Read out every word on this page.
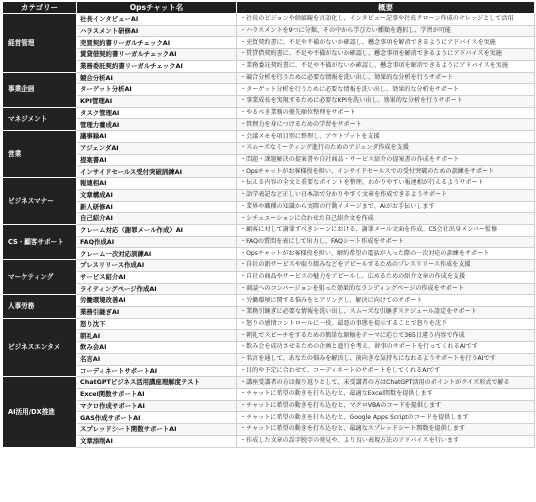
カテゴリー	Opsチャット名	概要
経営管理	社長インタビューAI	・社長のビジョンや価値観を言語化し、インタビュー記事や社長クローン作成のナレッジとして活用
	ハラスメント研修AI	・ハラスメントを9つに分類、その中から学びたい種類を選択し、学習が可能
	売買契約書リーガルチェックAI	・売買契約書に、不足や不備がないか確認し、懸念事項を解消できるようにアドバイスを実施
	賃貸借契約書リーガルチェックAI	・賃貸借契約書に、不足や不備がないか確認し、懸念事項を解消できるようにアドバイスを実施
	業務委託契約書リーガルチェックAI	・業務委託契約書に、不足や不備がないか確認し、懸念事項を解消できるようにアドバイスを実施
事業企画	競合分析AI	・競合分析を行うために必要な情報を洗い出し、効果的な分析を行うサポート
	ターゲット分析AI	・ターゲット分析を行うために必要な情報を洗い出し、効果的な分析をサポート
	KPI管理AI	・事業成長を実現するために必要なKPIを洗い出し、効果的な分析を行うサポート
マネジメント	タスク管理AI	・やるべき業務の優先順位整理をサポート
	管理力養成AI	・管理力を身につけるための学習をサポート
営業	議事録AI	・会議メモを項目別に整理し、アウトプットを支援
	アジェンダAI	・スムーズなミーティング進行のためのアジェンダ作成を支援
	提案書AI	・問題・課題解決の提案書や自社商品・サービス紹介の提案書の作成をサポート
	インサイドセールス受付突破訓練AI	・Opsチャットがお客様役を担い、インサイドセールスでの受付突破のための訓練をサポート
ビジネスマナー	報連相AI	・伝える内容の全文と重要なポイントを整理、わかりやすい報連相が行えるようサポート
	文章構成AI	・語学表記など正しい日本語で分かりやすく文章を作成できるようサポート
	新人研修AI	・業界や職種の知識から実際の行動イメージまで、AIがお手伝いします
	自己紹介AI	・シチュエーションに合わせた自己紹介文を作成
CS・顧客サポート	クレーム対応（謝罪メール作成）AI	・顧客に対して謝罪すべきシーンにおける、謝罪メール文面を作成。CS会社出身メンバー監修
	FAQ作成AI	・FAQの質問を表にして出力し、FAQシート作成をサポート
	クレーム一次対応訓練AI	・Opsチャットがお客様役を担い、解約希望の電話が入った際の一次対応の訓練をサポート
マーケティング	プレスリリース作成AI	・自社の新サービスや取り組みなどをアピールするためのプレスリリース作成を支援
	サービス紹介AI	・自社の商品やサービスの魅力をアピールし、広めるための紹介文章の作成を支援
	ライティングページ作成AI	・商談へのコンバージョンを狙った効果的なランディングページの作成をサポート
人事労務	労働環境改善AI	・労働環境に関する悩みをヒアリングし、解決に向けてのサポート
	業務引継ぎAI	・業務引継ぎに必要な情報を洗い出し、スムーズな引継ぎスケジュール設定をサポート
ビジネスエンタメ	怒り沈下	・怒りの感情コントロールに一役。最悪の事態を提示することで怒りを沈下
	朝礼AI	・朝礼でスピーチをするための簡単な原稿をテーマに応じて365日違う内容で作成
	飲み会AI	・飲み会を成功させるための企画と進行を考え、幹事のサポートを行ってくれるAIです
	名言AI	・名言を通して、あなたの悩みを解決し、前向きな気持ちになれるようサポートを行うAIです
	コーディネートサポートAI	・目的や予定に合わせて、コーディネートのサポートをしてくれるAIです
AI活用/DX推進	ChatGPTビジネス活用講座理解度テスト	・講座受講者の方は振り返りとして、未受講者の方はChatGPT活用のポイントがクイズ形式で解る
	Excel関数サポートAI	・チャットに希望の動きを打ち込むと、最適なExcel関数を提供します
	マクロ作成サポートAI	・チャットに希望の動きを打ち込むと、マクロVBAのコードを提供します
	GAS作成サポートAI	・チャットに希望の動きを打ち込むと、Google Apps Scriptのコードを提供します
	スプレッドシート関数サポートAI	・チャットに希望の動きを打ち込むと、最適なスプレッドシート関数を提供します
	文章添削AI	・作成した文章の誤字脱字の発見や、より良い表現方法のアドバイスを行います
